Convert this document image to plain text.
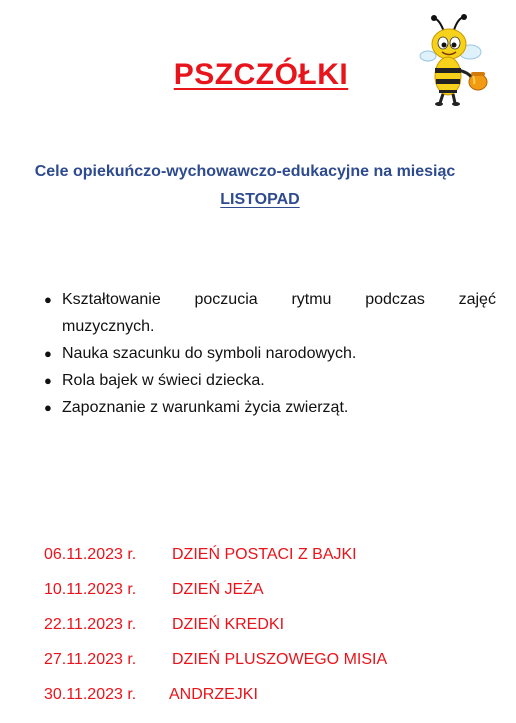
PSZCZÓŁKI

Cele opiekuńczo-wychowawczo-edukacyjne na miesiąc

LISTOPAD

● Kształtowanie poczucia rytmu podczas zajęć
muzycznych.
● Nauka szacunku do symboli narodowych.
● Rola bajek w świeci dziecka.
● Zapoznanie z warunkami życia zwierząt.
06.11.2023 r. DZIEŃ POSTACI Z BAJKI
10.11.2023 r. DZIEŃ JEŻA
22.11.2023 r. DZIEŃ KREDKI
27.11.2023 r. DZIEŃ PLUSZOWEGO MISIA
30.11.2023 r. ANDRZEJKI
